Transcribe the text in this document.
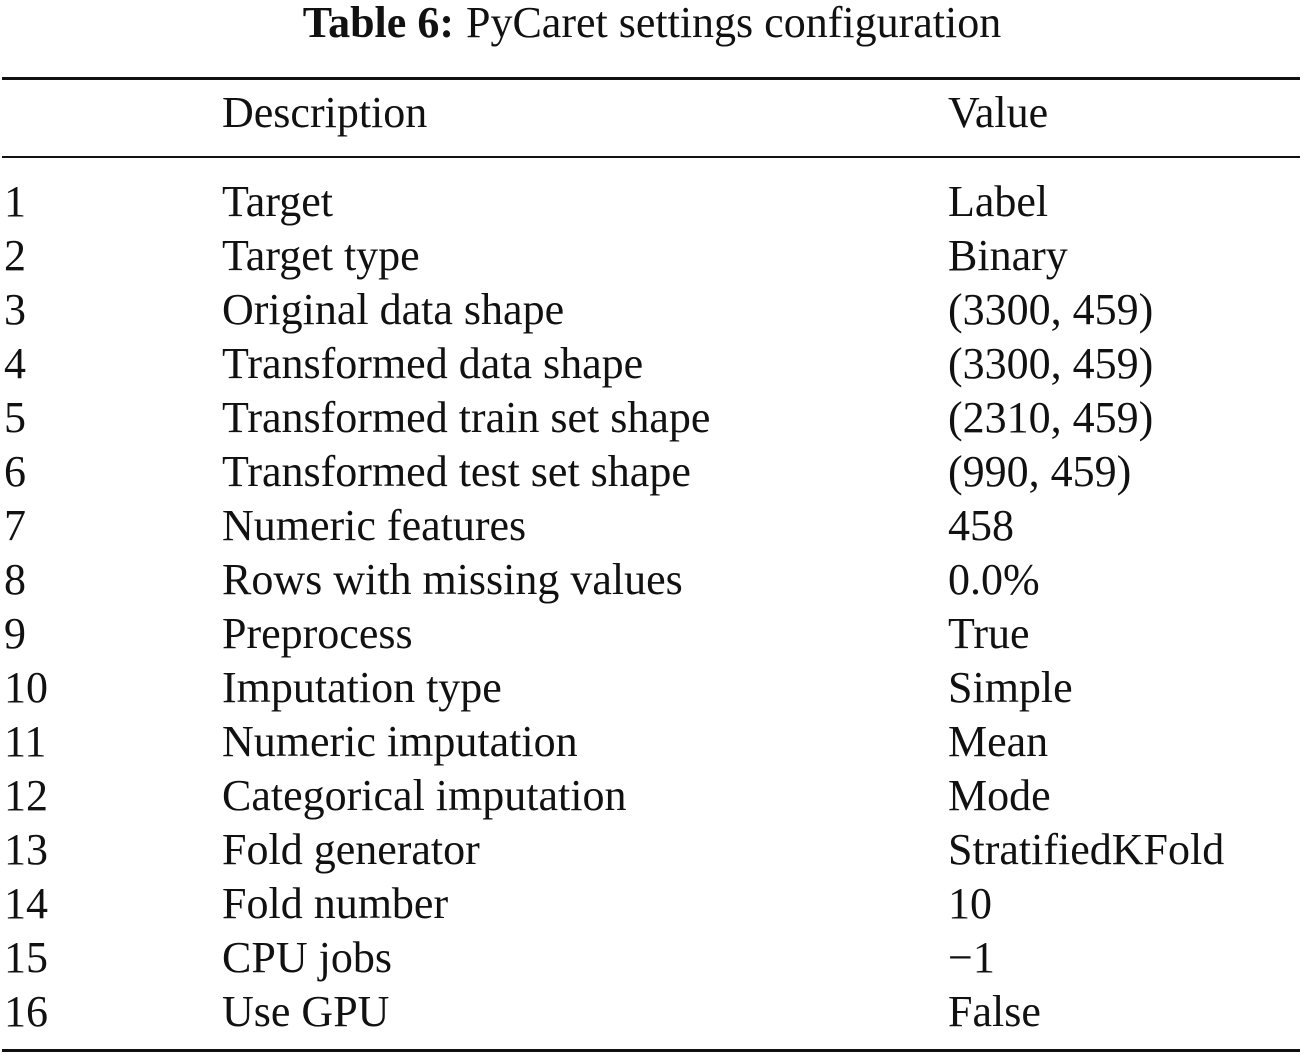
Table 6: PyCaret settings configuration
Description	Value
1	Target	Label
2	Target type	Binary
3	Original data shape	(3300, 459)
4	Transformed data shape	(3300, 459)
5	Transformed train set shape	(2310, 459)
6	Transformed test set shape	(990, 459)
7	Numeric features	458
8	Rows with missing values	0.0%
9	Preprocess	True
10	Imputation type	Simple
11	Numeric imputation	Mean
12	Categorical imputation	Mode
13	Fold generator	StratifiedKFold
14	Fold number	10
15	CPU jobs	−1
16	Use GPU	False
